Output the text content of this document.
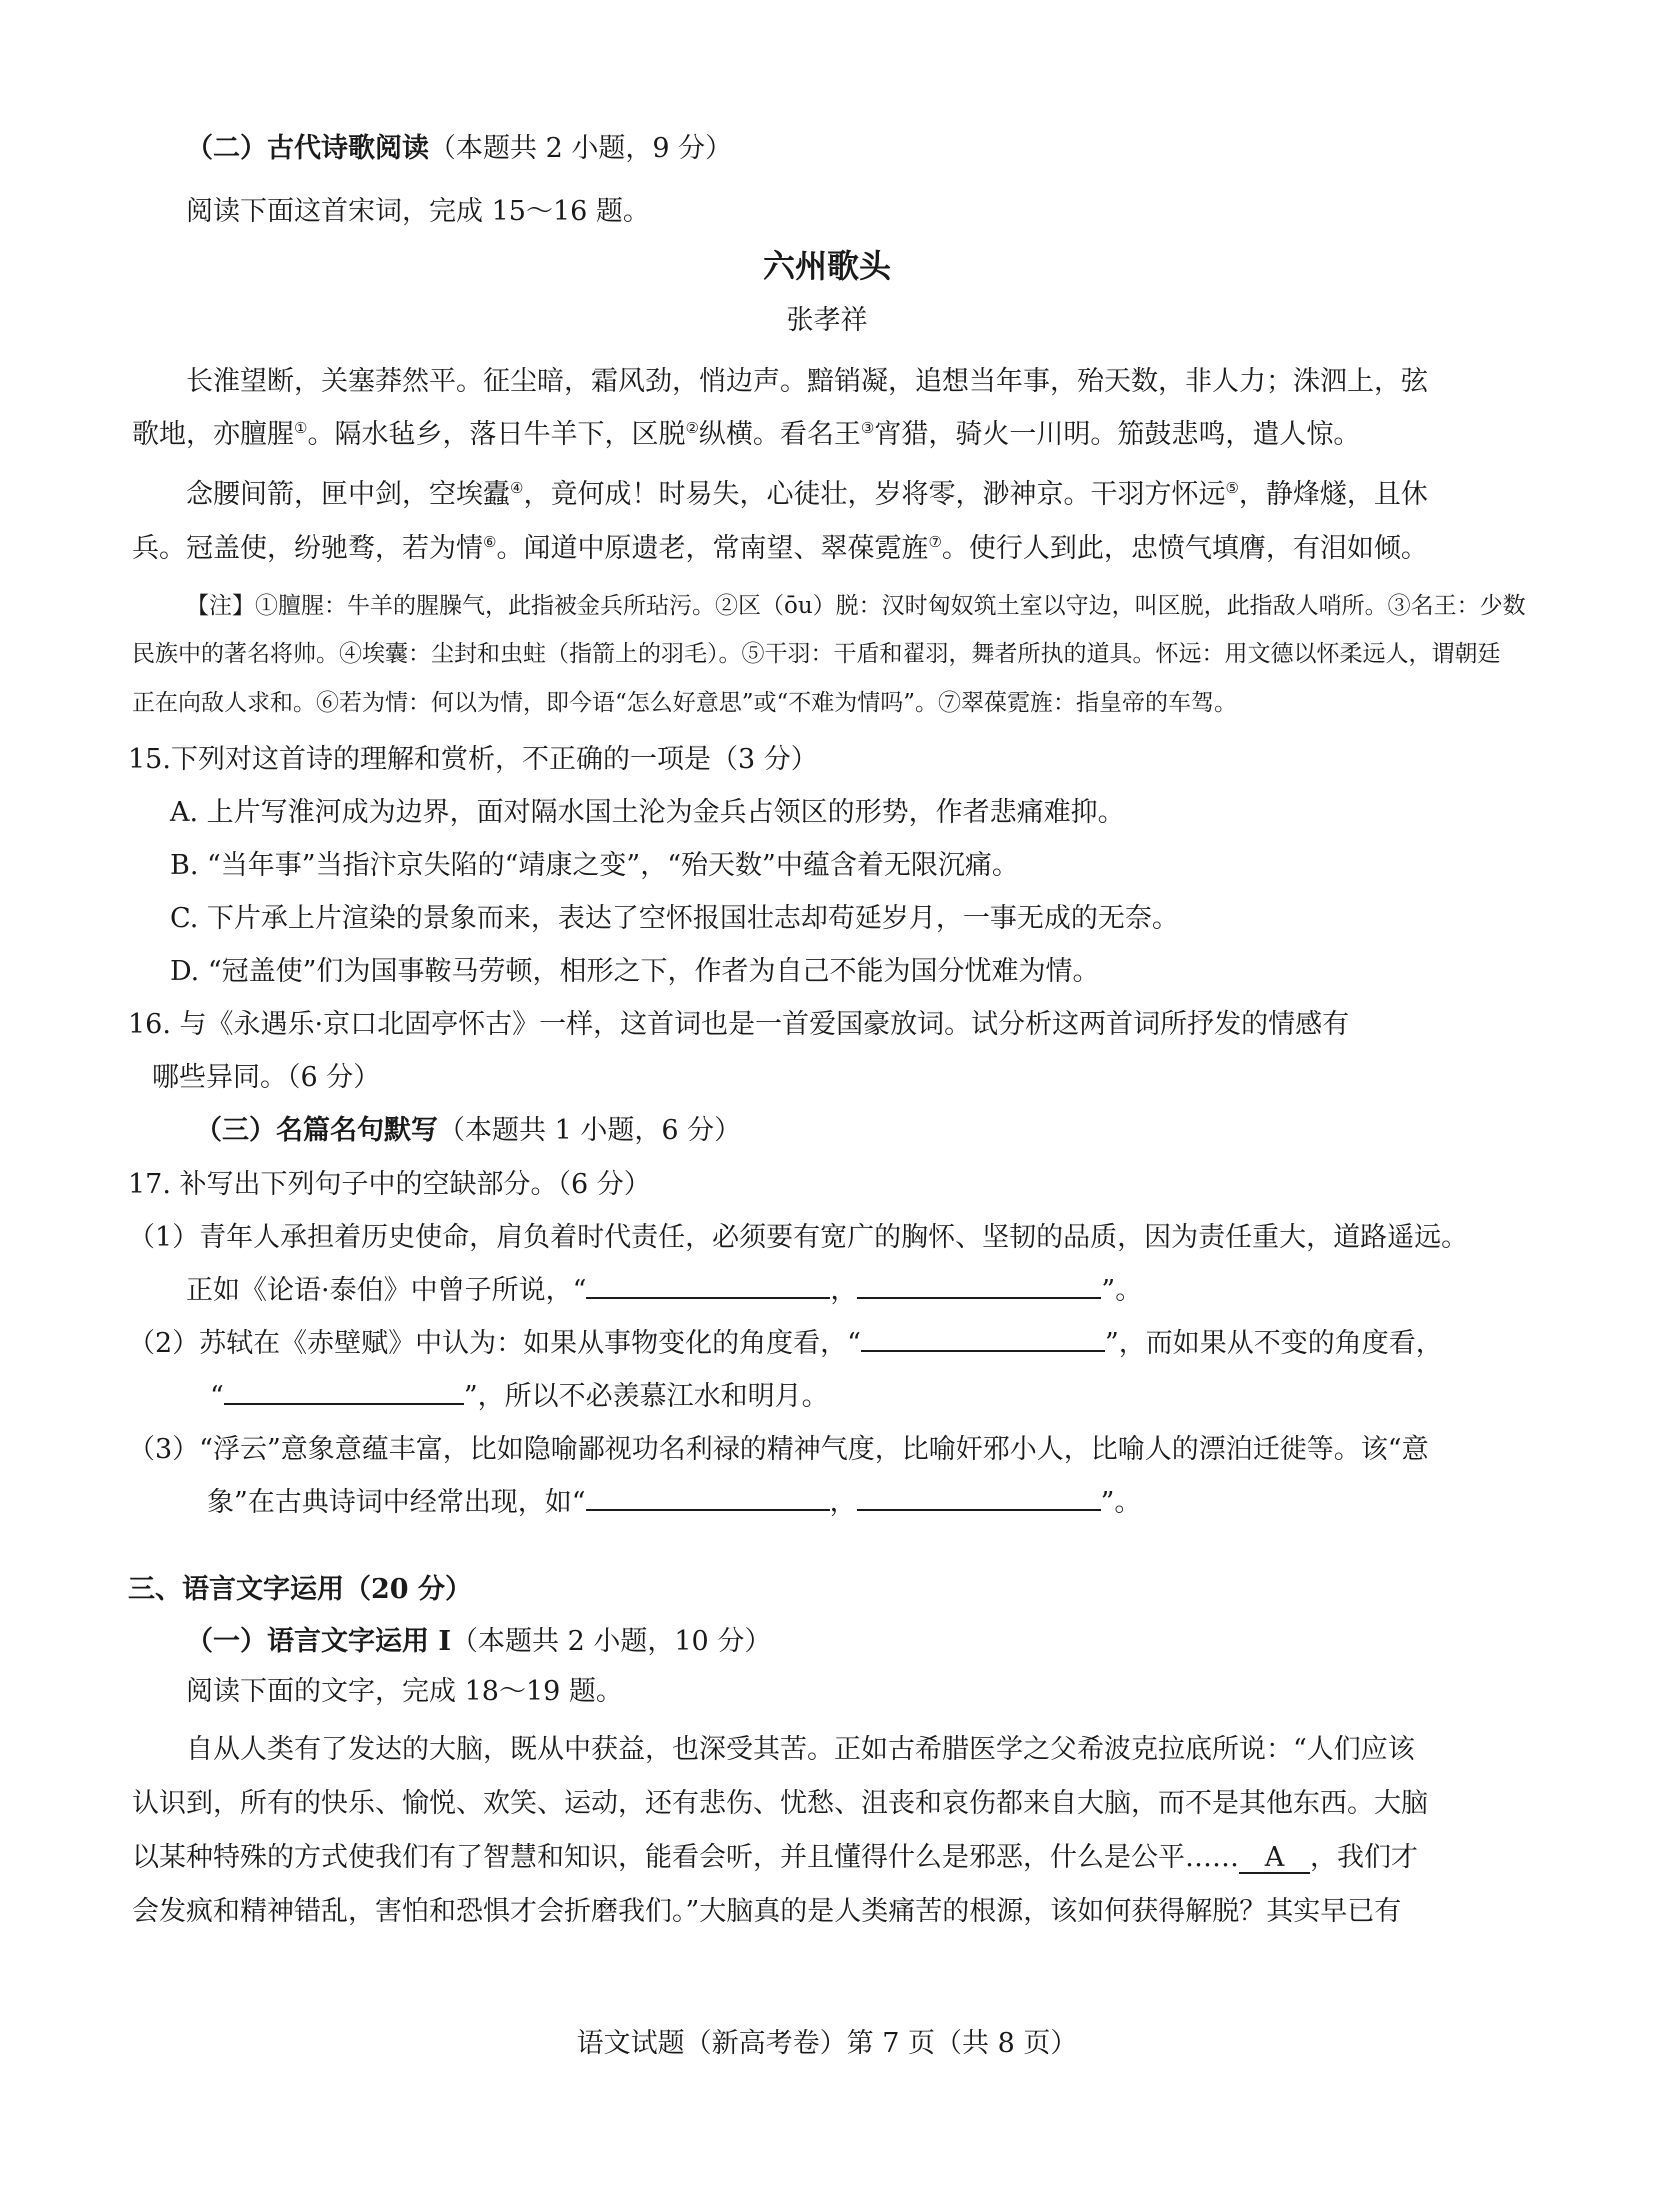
（二）古代诗歌阅读（本题共 2 小题，9 分）
阅读下面这首宋词，完成 15～16 题。
六州歌头
张孝祥
长淮望断，关塞莽然平。征尘暗，霜风劲，悄边声。黯销凝，追想当年事，殆天数，非人力；洙泗上，弦
歌地，亦膻腥①。隔水毡乡，落日牛羊下，区脱②纵横。看名王③宵猎，骑火一川明。笳鼓悲鸣，遣人惊。
念腰间箭，匣中剑，空埃蠹④，竟何成！时易失，心徒壮，岁将零，渺神京。干羽方怀远⑤，静烽燧，且休
兵。冠盖使，纷驰骛，若为情⑥。闻道中原遗老，常南望、翠葆霓旌⑦。使行人到此，忠愤气填膺，有泪如倾。
【注】①膻腥：牛羊的腥臊气，此指被金兵所玷污。②区（ōu）脱：汉时匈奴筑土室以守边，叫区脱，此指敌人哨所。③名王：少数
民族中的著名将帅。④埃囊：尘封和虫蛀（指箭上的羽毛）。⑤干羽：干盾和翟羽，舞者所执的道具。怀远：用文德以怀柔远人，谓朝廷
正在向敌人求和。⑥若为情：何以为情，即今语“怎么好意思”或“不难为情吗”。⑦翠葆霓旌：指皇帝的车驾。
15.下列对这首诗的理解和赏析，不正确的一项是（3 分）
A. 上片写淮河成为边界，面对隔水国土沦为金兵占领区的形势，作者悲痛难抑。
B. “当年事”当指汴京失陷的“靖康之变”，“殆天数”中蕴含着无限沉痛。
C. 下片承上片渲染的景象而来，表达了空怀报国壮志却苟延岁月，一事无成的无奈。
D. “冠盖使”们为国事鞍马劳顿，相形之下，作者为自己不能为国分忧难为情。
16. 与《永遇乐·京口北固亭怀古》一样，这首词也是一首爱国豪放词。试分析这两首词所抒发的情感有
哪些异同。（6 分）
（三）名篇名句默写（本题共 1 小题，6 分）
17. 补写出下列句子中的空缺部分。（6 分）
（1）青年人承担着历史使命，肩负着时代责任，必须要有宽广的胸怀、坚韧的品质，因为责任重大，道路遥远。
正如《论语·泰伯》中曾子所说，“	，	”。
（2）苏轼在《赤壁赋》中认为：如果从事物变化的角度看，“	”，而如果从不变的角度看，
“	”，所以不必羡慕江水和明月。
（3）“浮云”意象意蕴丰富，比如隐喻鄙视功名利禄的精神气度，比喻奸邪小人，比喻人的漂泊迁徙等。该“意
象”在古典诗词中经常出现，如“	，	”。
三、语言文字运用（20 分）
（一）语言文字运用 Ⅰ（本题共 2 小题，10 分）
阅读下面的文字，完成 18～19 题。
自从人类有了发达的大脑，既从中获益，也深受其苦。正如古希腊医学之父希波克拉底所说：“人们应该
认识到，所有的快乐、愉悦、欢笑、运动，还有悲伤、忧愁、沮丧和哀伤都来自大脑，而不是其他东西。大脑
以某种特殊的方式使我们有了智慧和知识，能看会听，并且懂得什么是邪恶，什么是公平……   A   ，我们才
会发疯和精神错乱，害怕和恐惧才会折磨我们。”大脑真的是人类痛苦的根源，该如何获得解脱？其实早已有
语文试题（新高考卷）第 7 页（共 8 页）
